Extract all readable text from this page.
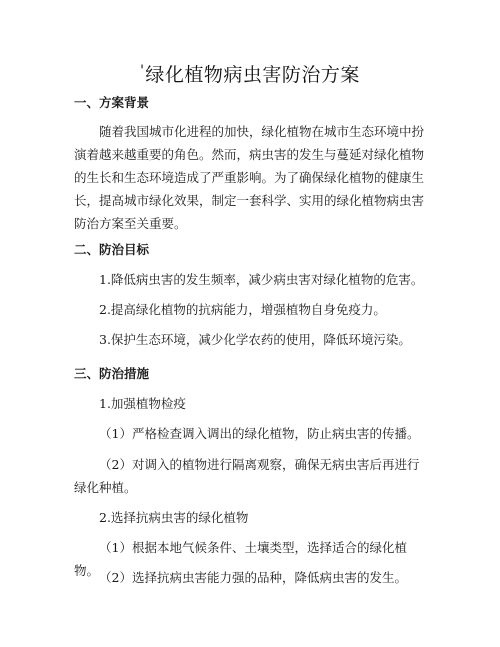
'绿化植物病虫害防治方案
一、方案背景
随着我国城市化进程的加快，绿化植物在城市生态环境中扮演着越来越重要的角色。然而，病虫害的发生与蔓延对绿化植物的生长和生态环境造成了严重影响。为了确保绿化植物的健康生长，提高城市绿化效果，制定一套科学、实用的绿化植物病虫害防治方案至关重要。
二、防治目标
1.降低病虫害的发生频率，减少病虫害对绿化植物的危害。
2.提高绿化植物的抗病能力，增强植物自身免疫力。
3.保护生态环境，减少化学农药的使用，降低环境污染。
三、防治措施
1.加强植物检疫
（1）严格检查调入调出的绿化植物，防止病虫害的传播。
（2）对调入的植物进行隔离观察，确保无病虫害后再进行绿化种植。
2.选择抗病虫害的绿化植物
（1）根据本地气候条件、土壤类型，选择适合的绿化植物。 （2）选择抗病虫害能力强的品种，降低病虫害的发生。
